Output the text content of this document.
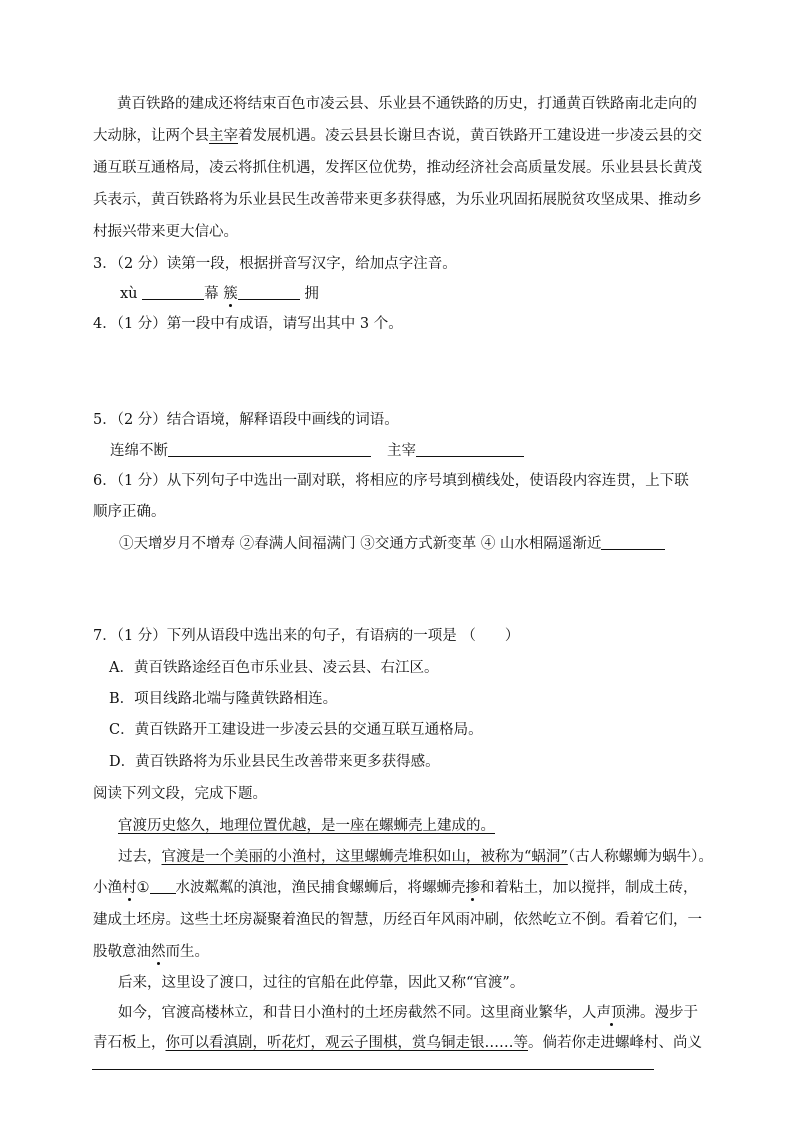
黄百铁路的建成还将结束百色市凌云县、乐业县不通铁路的历史，打通黄百铁路南北走向的
大动脉，让两个县主宰着发展机遇。凌云县县长谢旦杏说，黄百铁路开工建设进一步凌云县的交
通互联互通格局，凌云将抓住机遇，发挥区位优势，推动经济社会高质量发展。乐业县县长黄茂
兵表示，黄百铁路将为乐业县民生改善带来更多获得感，为乐业巩固拓展脱贫攻坚成果、推动乡
村振兴带来更大信心。
3．（2 分）读第一段，根据拼音写汉字，给加点字注音。
xù	幕 簇	拥
4．（1 分）第一段中有成语，请写出其中 3 个。
5．（2 分）结合语境，解释语段中画线的词语。
连绵不断	主宰
6．（1 分）从下列句子中选出一副对联，将相应的序号填到横线处，使语段内容连贯，上下联
顺序正确。
①天增岁月不增寿 ②春满人间福满门 ③交通方式新变革 ④ 山水相隔遥渐近
7．（1 分）下列从语段中选出来的句子，有语病的一项是 （　　）
A．黄百铁路途经百色市乐业县、凌云县、右江区。
B．项目线路北端与隆黄铁路相连。
C．黄百铁路开工建设进一步凌云县的交通互联互通格局。
D．黄百铁路将为乐业县民生改善带来更多获得感。
阅读下列文段，完成下题。
官渡历史悠久，地理位置优越，是一座在螺蛳壳上建成的。
过去，官渡是一个美丽的小渔村，这里螺蛳壳堆积如山，被称为“蜗洞”（古人称螺蛳为蜗牛）。
小渔村① 水波粼粼的滇池，渔民捕食螺蛳后，将螺蛳壳掺和着粘土，加以搅拌，制成土砖，
建成土坯房。这些土坯房凝聚着渔民的智慧，历经百年风雨冲刷，依然屹立不倒。看着它们，一
股敬意油然而生。
后来，这里设了渡口，过往的官船在此停靠，因此又称“官渡”。
如今，官渡高楼林立，和昔日小渔村的土坯房截然不同。这里商业繁华，人声顶沸。漫步于
青石板上，你可以看滇剧，听花灯，观云子围棋，赏乌铜走银……等。倘若你走进螺峰村、尚义
